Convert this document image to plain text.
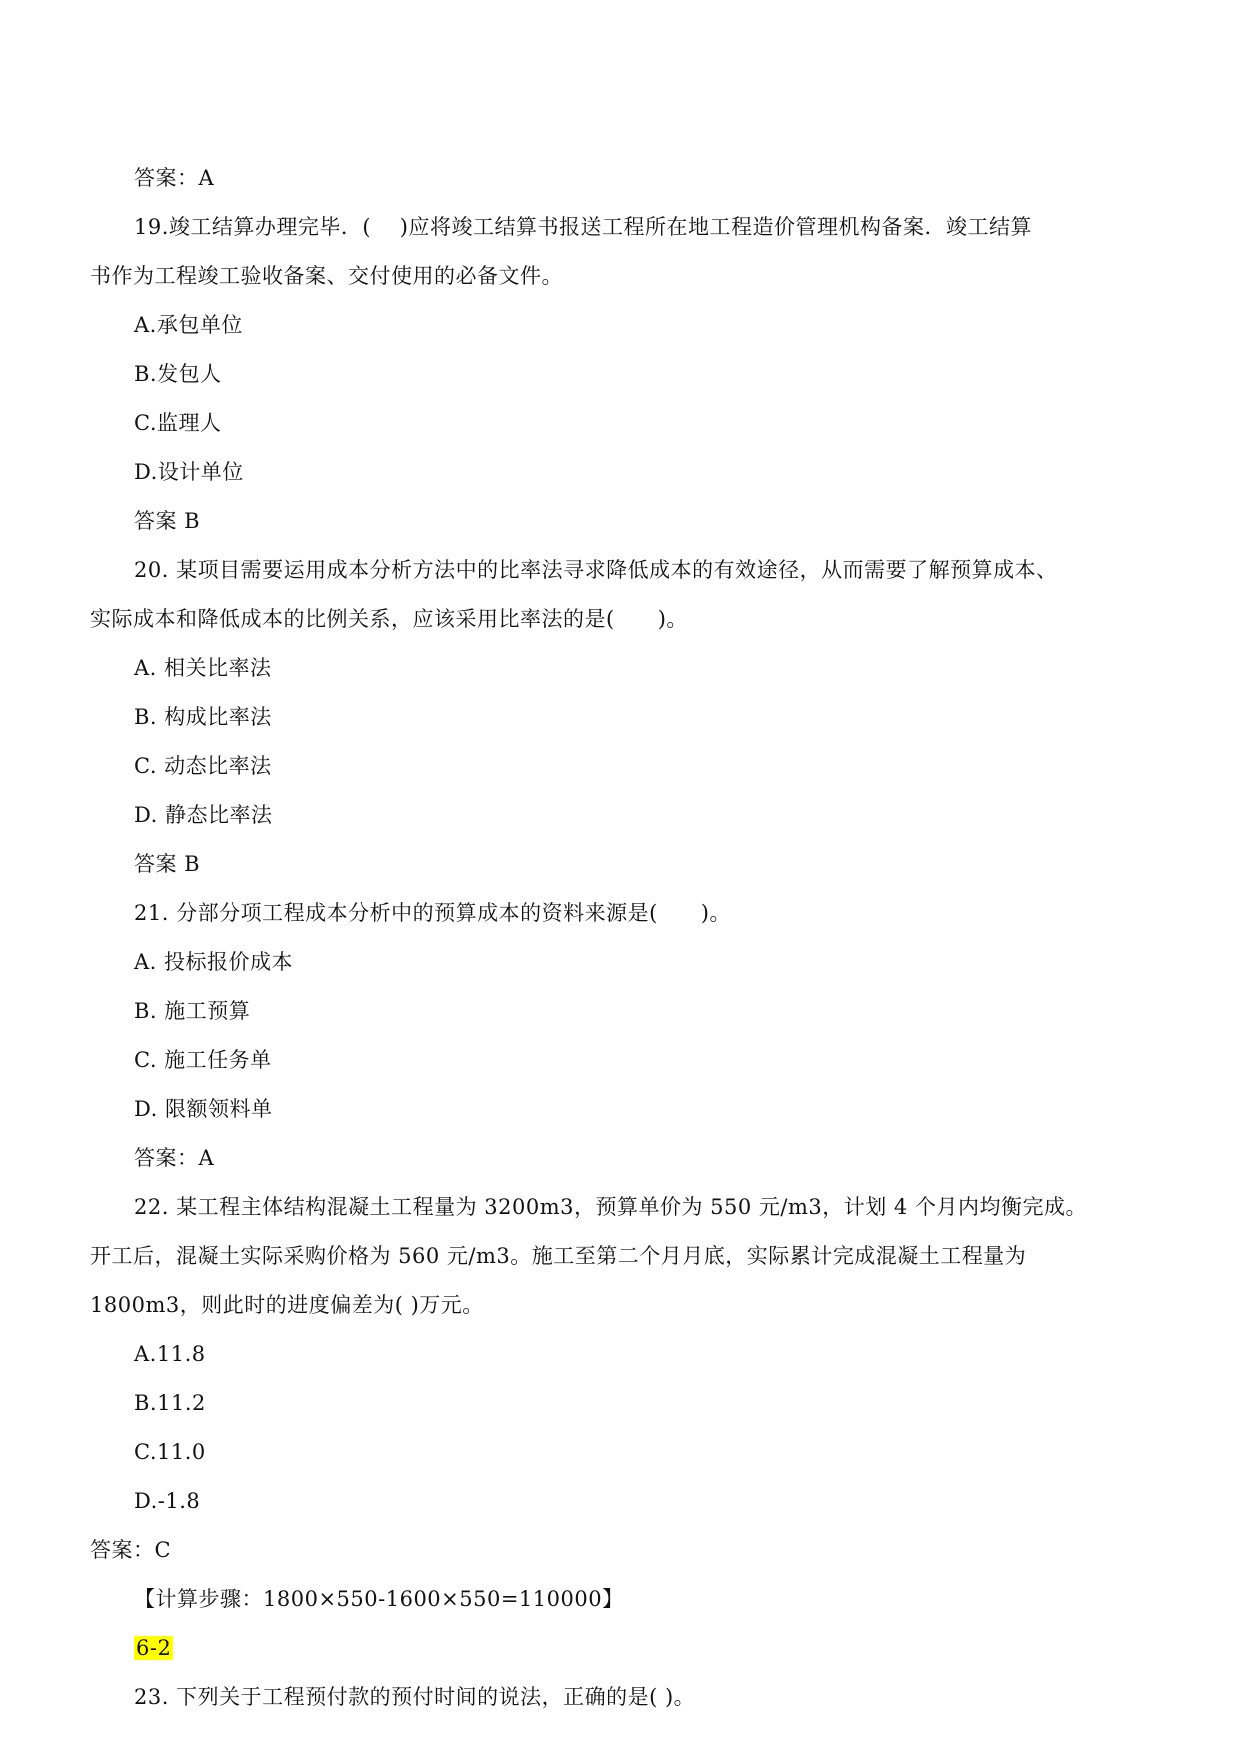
答案：A
19.竣工结算办理完毕．(　 )应将竣工结算书报送工程所在地工程造价管理机构备案．竣工结算
书作为工程竣工验收备案、交付使用的必备文件。
A.承包单位
B.发包人
C.监理人
D.设计单位
答案 B
20. 某项目需要运用成本分析方法中的比率法寻求降低成本的有效途径，从而需要了解预算成本、
实际成本和降低成本的比例关系，应该采用比率法的是(　　)。
A. 相关比率法
B. 构成比率法
C. 动态比率法
D. 静态比率法
答案 B
21. 分部分项工程成本分析中的预算成本的资料来源是(　　)。
A. 投标报价成本
B. 施工预算
C. 施工任务单
D. 限额领料单
答案：A
22. 某工程主体结构混凝土工程量为 3200m3，预算单价为 550 元/m3，计划 4 个月内均衡完成。
开工后，混凝土实际采购价格为 560 元/m3。施工至第二个月月底，实际累计完成混凝土工程量为
1800m3，则此时的进度偏差为( )万元。
A.11.8
B.11.2
C.11.0
D.-1.8
答案：C
【计算步骤：1800×550-1600×550=110000】
6-2
23. 下列关于工程预付款的预付时间的说法，正确的是( )。
